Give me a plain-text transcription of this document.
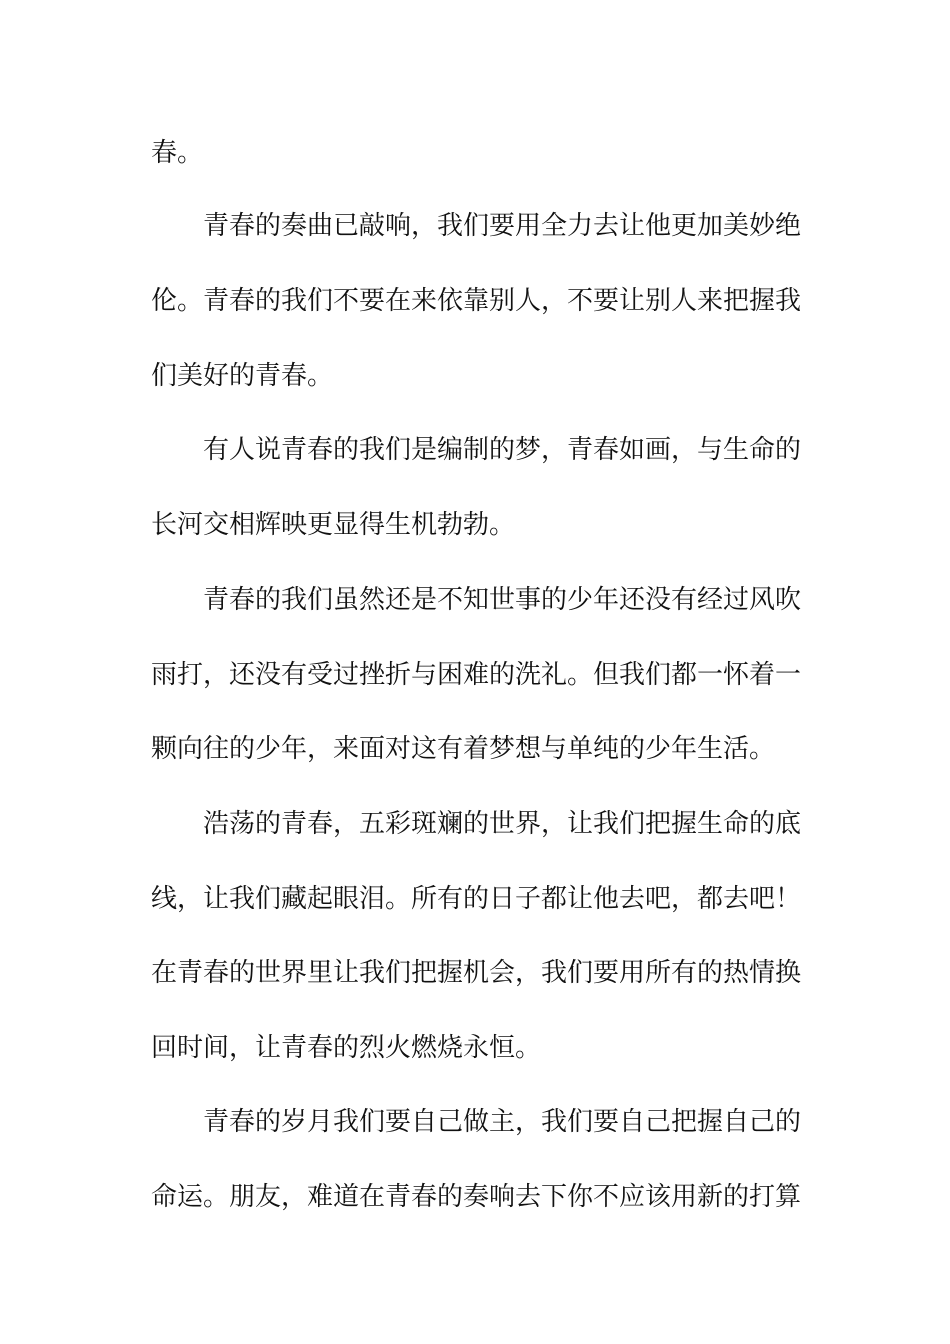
春。
青春的奏曲已敲响，我们要用全力去让他更加美妙绝
伦。青春的我们不要在来依靠别人，不要让别人来把握我
们美好的青春。
有人说青春的我们是编制的梦，青春如画，与生命的
长河交相辉映更显得生机勃勃。
青春的我们虽然还是不知世事的少年还没有经过风吹
雨打，还没有受过挫折与困难的洗礼。但我们都一怀着一
颗向往的少年，来面对这有着梦想与单纯的少年生活。
浩荡的青春，五彩斑斓的世界，让我们把握生命的底
线，让我们藏起眼泪。所有的日子都让他去吧，都去吧！
在青春的世界里让我们把握机会，我们要用所有的热情换
回时间，让青春的烈火燃烧永恒。
青春的岁月我们要自己做主，我们要自己把握自己的
命运。朋友，难道在青春的奏响去下你不应该用新的打算
